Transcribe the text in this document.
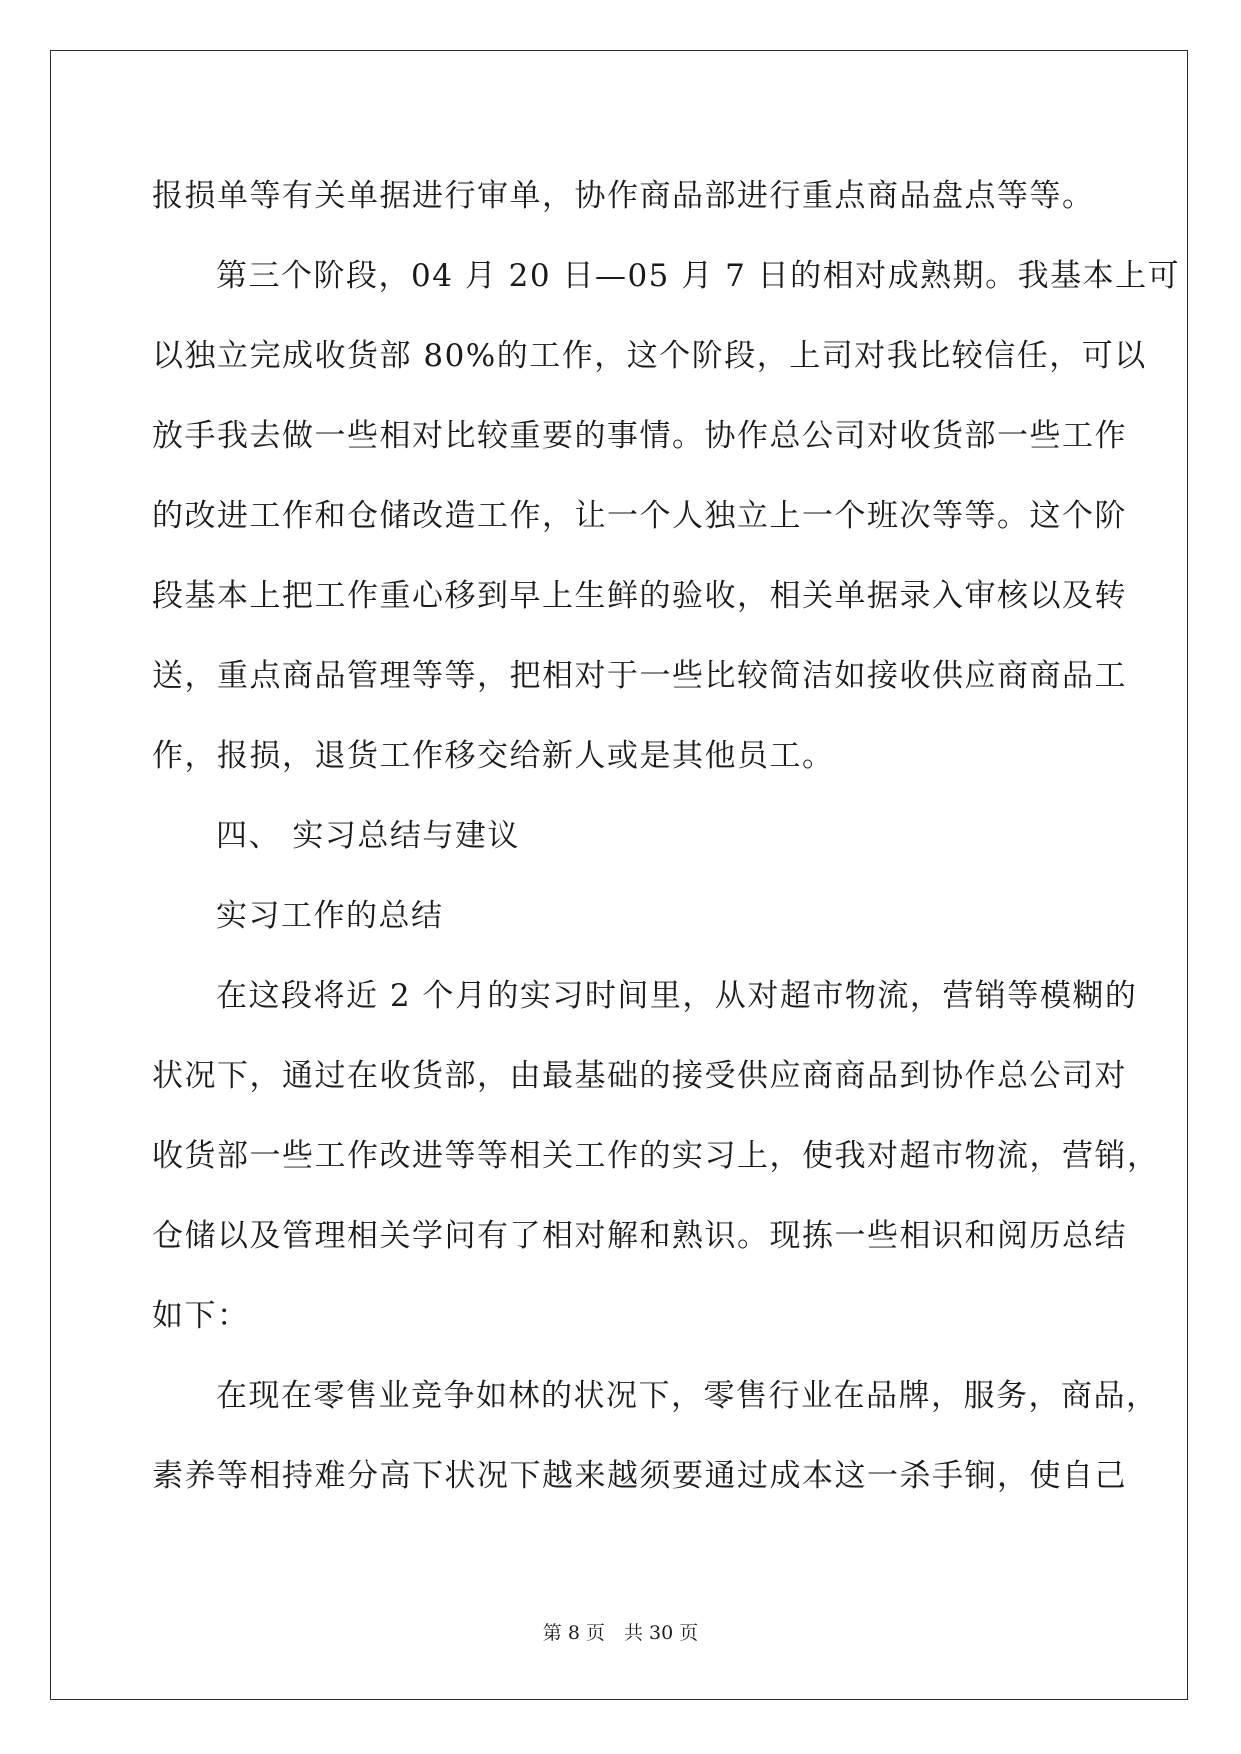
报损单等有关单据进行审单，协作商品部进行重点商品盘点等等。
第三个阶段，04 月 20 日—05 月 7 日的相对成熟期。我基本上可
以独立完成收货部 80%的工作，这个阶段，上司对我比较信任，可以
放手我去做一些相对比较重要的事情。协作总公司对收货部一些工作
的改进工作和仓储改造工作，让一个人独立上一个班次等等。这个阶
段基本上把工作重心移到早上生鲜的验收，相关单据录入审核以及转
送，重点商品管理等等，把相对于一些比较简洁如接收供应商商品工
作，报损，退货工作移交给新人或是其他员工。
四、 实习总结与建议
实习工作的总结
在这段将近 2 个月的实习时间里，从对超市物流，营销等模糊的
状况下，通过在收货部，由最基础的接受供应商商品到协作总公司对
收货部一些工作改进等等相关工作的实习上，使我对超市物流，营销，
仓储以及管理相关学问有了相对解和熟识。现拣一些相识和阅历总结
如下：
在现在零售业竞争如林的状况下，零售行业在品牌，服务，商品，
素养等相持难分高下状况下越来越须要通过成本这一杀手锏，使自己
第 8 页　共 30 页
